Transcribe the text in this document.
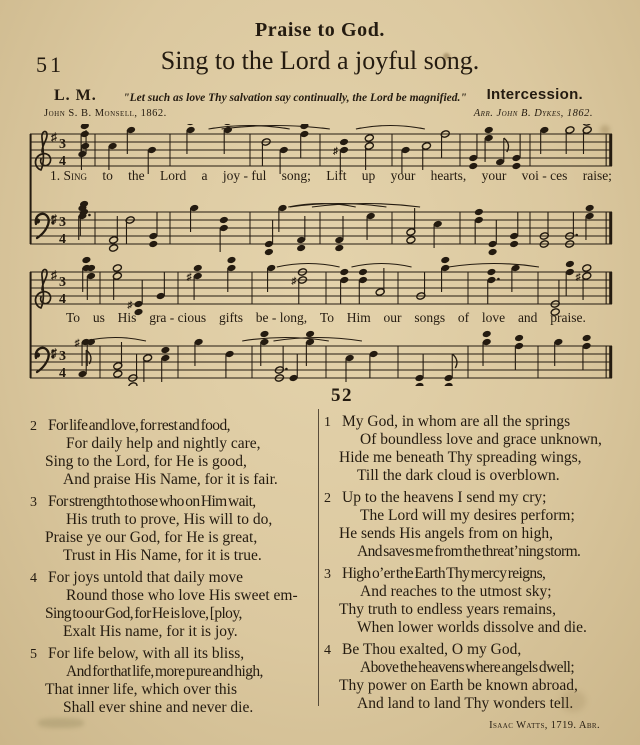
Praise to God.
51	Sing to the Lord a joyful song.
L. M.	"Let such as love Thy salvation say continually, the Lord be magnified."	Intercession.
John S. B. Monsell, 1862.	Arr. John B. Dykes, 1862.
♯ 3
4
♯
♯ 3
4
♯ 3
4	♯
♯	♯	♯
♯ 3
4
♯
1. Sing to the Lord a joy - ful song; Lift up your hearts, your voi - ces raise;
To us His gra - cious gifts be - long, To Him our songs of love and praise.
52
2 For life and love, for rest and food,
For daily help and nightly care,
Sing to the Lord, for He is good,
And praise His Name, for it is fair.
3 For strength to those who on Him wait,
His truth to prove, His will to do,
Praise ye our God, for He is great,
Trust in His Name, for it is true.
4 For joys untold that daily move
Round those who love His sweet em-
Sing to our God, for He is love, [ploy,
Exalt His name, for it is joy.
5 For life below, with all its bliss,
And for that life, more pure and high,
That inner life, which over this
Shall ever shine and never die.
1 My God, in whom are all the springs
Of boundless love and grace unknown,
Hide me beneath Thy spreading wings,
Till the dark cloud is overblown.
2 Up to the heavens I send my cry;
The Lord will my desires perform;
He sends His angels from on high,
And saves me from the threat’ning storm.
3 High o’er the Earth Thy mercy reigns,
And reaches to the utmost sky;
Thy truth to endless years remains,
When lower worlds dissolve and die.
4 Be Thou exalted, O my God,
Above the heavens where angels dwell;
Thy power on Earth be known abroad,
And land to land Thy wonders tell.
Isaac Watts, 1719. Abr.
